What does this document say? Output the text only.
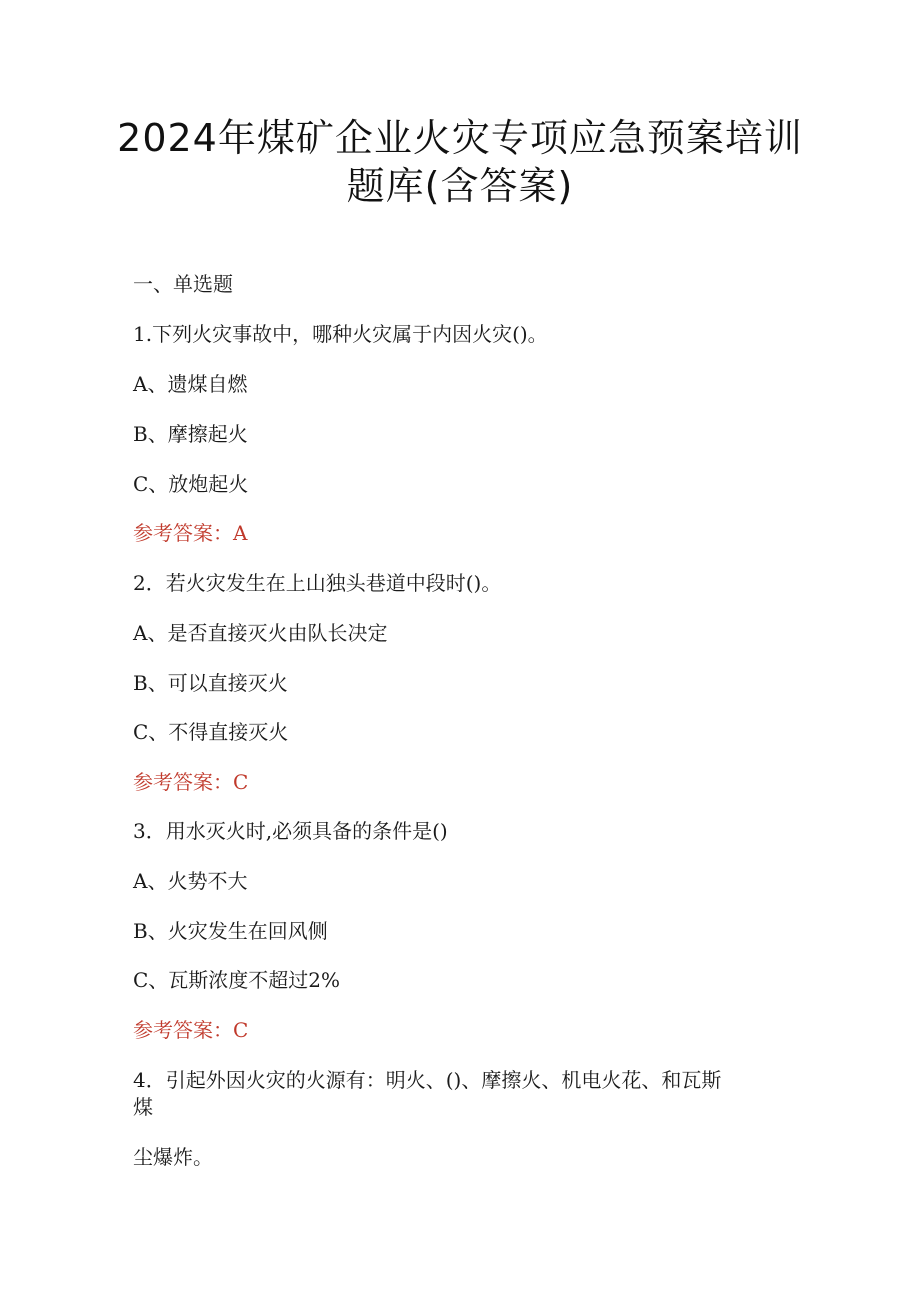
2024年煤矿企业火灾专项应急预案培训
题库(含答案)

一、单选题

1.下列火灾事故中，哪种火灾属于内因火灾()。

A、遗煤自燃

B、摩擦起火

C、放炮起火

参考答案：A

2．若火灾发生在上山独头巷道中段时()。

A、是否直接灭火由队长决定

B、可以直接灭火

C、不得直接灭火

参考答案：C

3．用水灭火时,必须具备的条件是()

A、火势不大

B、火灾发生在回风侧

C、瓦斯浓度不超过2%

参考答案：C

4．引起外因火灾的火源有：明火、()、摩擦火、机电火花、和瓦斯

煤

尘爆炸。
